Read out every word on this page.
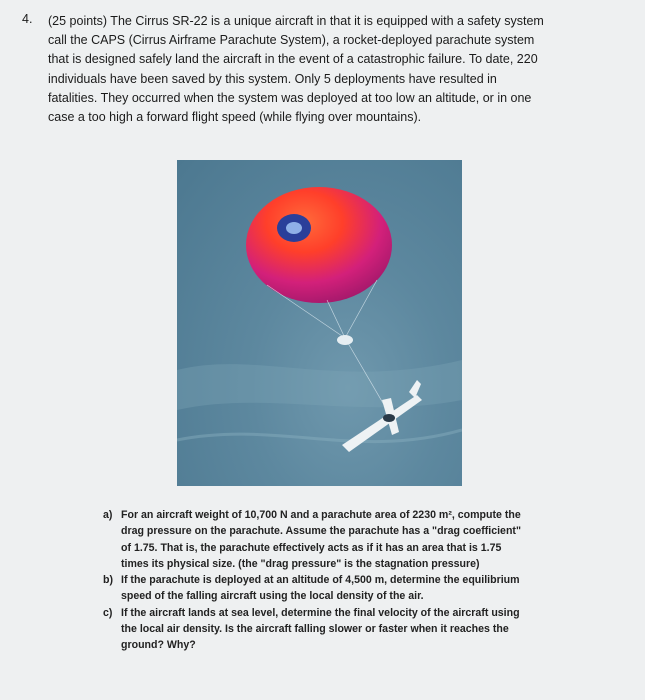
4. (25 points) The Cirrus SR-22 is a unique aircraft in that it is equipped with a safety system
call the CAPS (Cirrus Airframe Parachute System), a rocket-deployed parachute system
that is designed safely land the aircraft in the event of a catastrophic failure. To date, 220
individuals have been saved by this system. Only 5 deployments have resulted in
fatalities. They occurred when the system was deployed at too low an altitude, or in one
case a too high a forward flight speed (while flying over mountains).
a) For an aircraft weight of 10,700 N and a parachute area of 2230 m², compute the
drag pressure on the parachute. Assume the parachute has a "drag coefficient"
of 1.75. That is, the parachute effectively acts as if it has an area that is 1.75
times its physical size. (the "drag pressure" is the stagnation pressure)
b) If the parachute is deployed at an altitude of 4,500 m, determine the equilibrium
speed of the falling aircraft using the local density of the air.
c) If the aircraft lands at sea level, determine the final velocity of the aircraft using
the local air density. Is the aircraft falling slower or faster when it reaches the
ground? Why?
